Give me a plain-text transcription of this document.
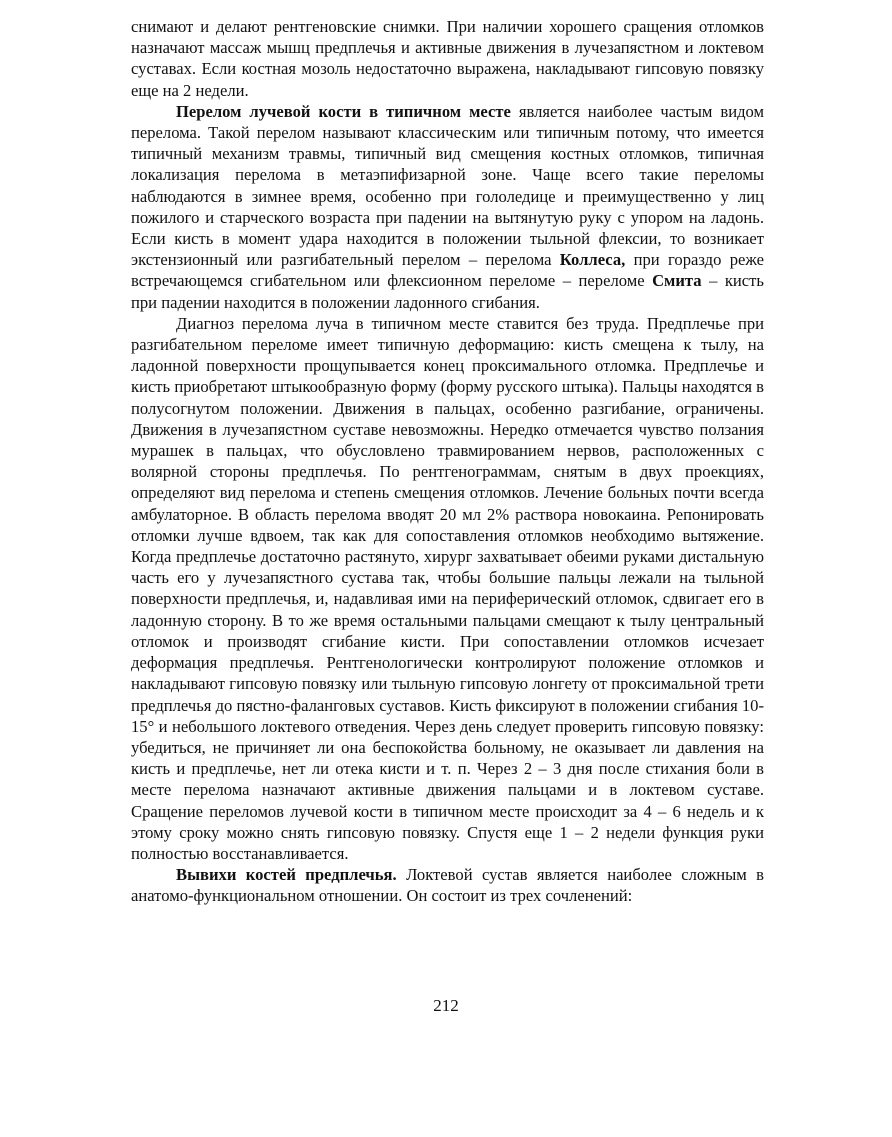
снимают и делают рентгеновские снимки. При наличии хорошего сращения отломков назначают массаж мышц предплечья и активные движения в лучезапястном и локтевом суставах. Если костная мозоль недостаточно выражена, накладывают гипсовую повязку еще на 2 недели.

Перелом лучевой кости в типичном месте является наиболее частым видом перелома. Такой перелом называют классическим или типичным потому, что имеется типичный механизм травмы, типичный вид смещения костных отломков, типичная локализация перелома в метаэпифизарной зоне. Чаще всего такие переломы наблюдаются в зимнее время, особенно при гололедице и преимущественно у лиц пожилого и старческого возраста при падении на вытянутую руку с упором на ладонь. Если кисть в момент удара находится в положении тыльной флексии, то возникает экстензионный или разгибательный перелом – перелома Коллеса, при гораздо реже встречающемся сгибательном или флексионном переломе – переломе Смита – кисть при падении находится в положении ладонного сгибания.

Диагноз перелома луча в типичном месте ставится без труда. Предплечье при разгибательном переломе имеет типичную деформацию: кисть смещена к тылу, на ладонной поверхности прощупывается конец проксимального отломка. Предплечье и кисть приобретают штыкообразную форму (форму русского штыка). Пальцы находятся в полусогнутом положении. Движения в пальцах, особенно разгибание, ограничены. Движения в лучезапястном суставе невозможны. Нередко отмечается чувство ползания мурашек в пальцах, что обусловлено травмированием нервов, расположенных с волярной стороны предплечья. По рентгенограммам, снятым в двух проекциях, определяют вид перелома и степень смещения отломков. Лечение больных почти всегда амбулаторное. В область перелома вводят 20 мл 2% раствора новокаина. Репонировать отломки лучше вдвоем, так как для сопоставления отломков необходимо вытяжение. Когда предплечье достаточно растянуто, хирург захватывает обеими руками дистальную часть его у лучезапястного сустава так, чтобы большие пальцы лежали на тыльной поверхности предплечья, и, надавливая ими на периферический отломок, сдвигает его в ладонную сторону. В то же время остальными пальцами смещают к тылу центральный отломок и производят сгибание кисти. При сопоставлении отломков исчезает деформация предплечья. Рентгенологически контролируют положение отломков и накладывают гипсовую повязку или тыльную гипсовую лонгету от проксимальной трети предплечья до пястно-фаланговых суставов. Кисть фиксируют в положении сгибания 10-15° и небольшого локтевого отведения. Через день следует проверить гипсовую повязку: убедиться, не причиняет ли она беспокойства больному, не оказывает ли давления на кисть и предплечье, нет ли отека кисти и т. п. Через 2 – 3 дня после стихания боли в месте перелома назначают активные движения пальцами и в локтевом суставе. Сращение переломов лучевой кости в типичном месте происходит за 4 – 6 недель и к этому сроку можно снять гипсовую повязку. Спустя еще 1 – 2 недели функция руки полностью восстанавливается.

Вывихи костей предплечья. Локтевой сустав является наиболее сложным в анатомо-функциональном отношении. Он состоит из трех сочленений:

212
